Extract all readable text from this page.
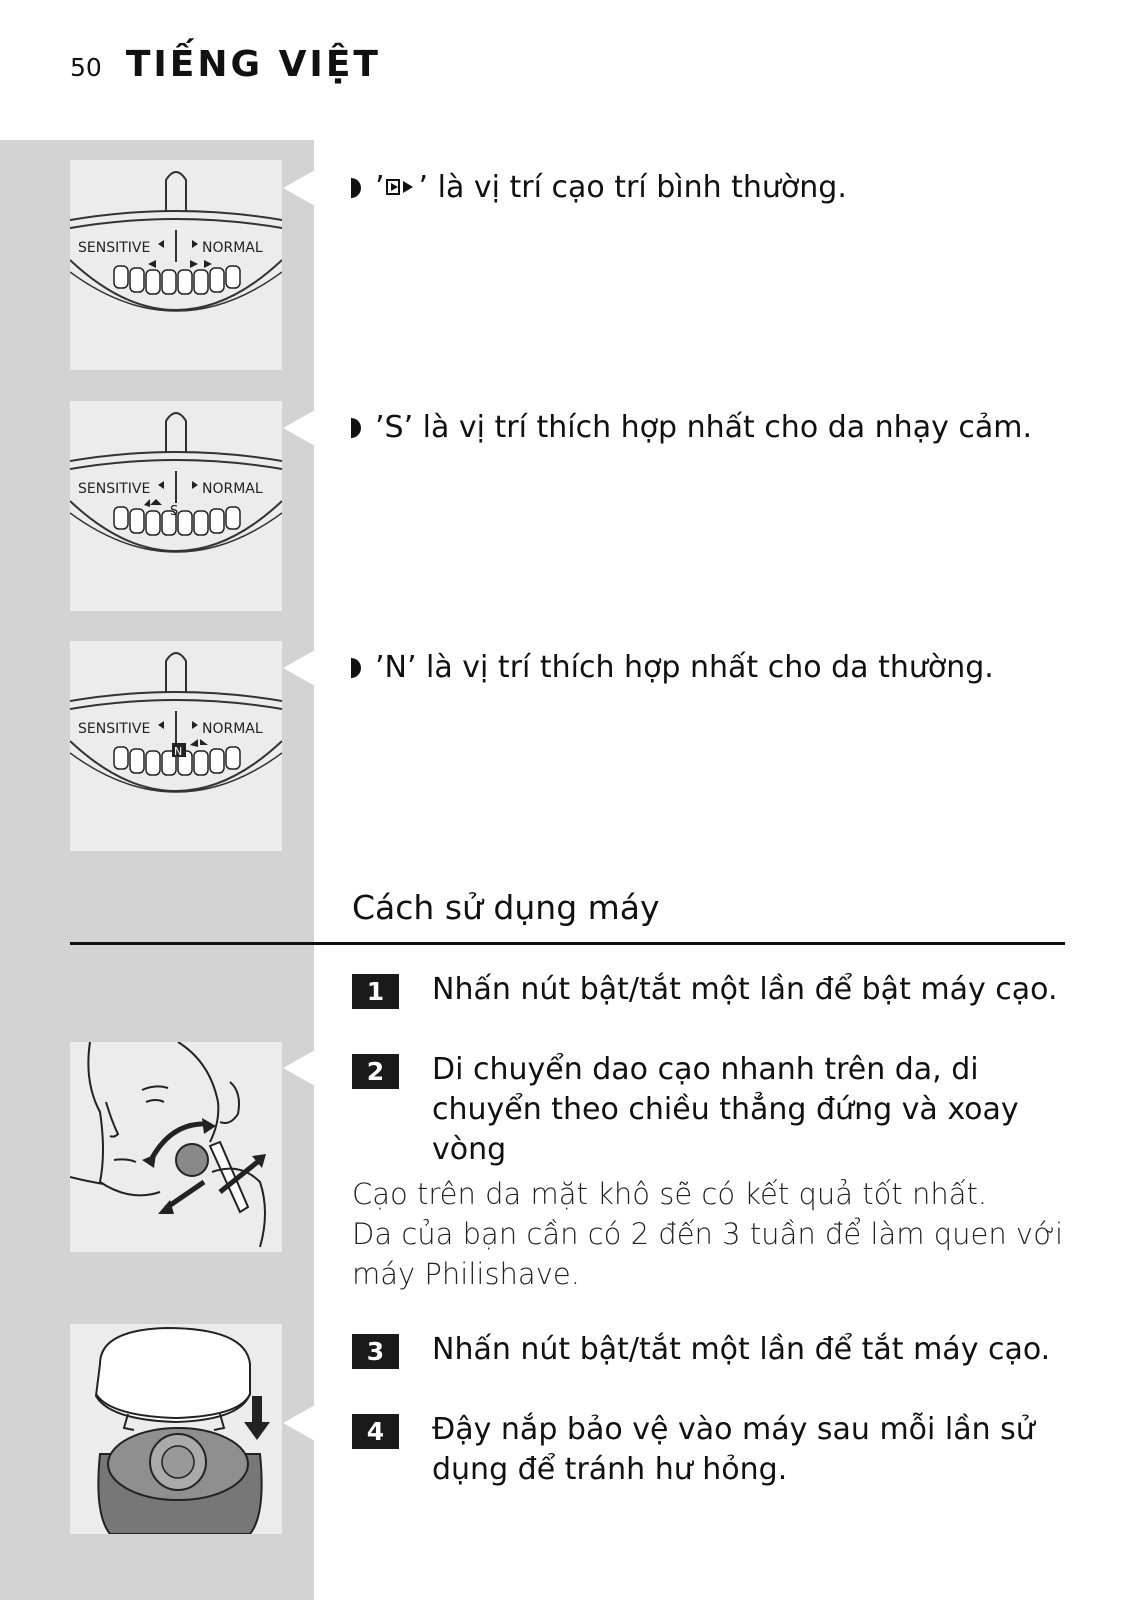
50 TIẾNG VIỆT
SENSITIVE	NORMAL
SENSITIVE	NORMAL
S
SENSITIVE	NORMAL
N
’ ’ là vị trí cạo trí bình thường.
’S’ là vị trí thích hợp nhất cho da nhạy cảm.
’N’ là vị trí thích hợp nhất cho da thường.
Cách sử dụng máy
1	Nhấn nút bật/tắt một lần để bật máy cạo.
2	Di chuyển dao cạo nhanh trên da, di chuyển theo chiều thẳng đứng và xoay vòng
Cạo trên da mặt khô sẽ có kết quả tốt nhất.
Da của bạn cần có 2 đến 3 tuần để làm quen với máy Philishave.
3	Nhấn nút bật/tắt một lần để tắt máy cạo.
4	Đậy nắp bảo vệ vào máy sau mỗi lần sử dụng để tránh hư hỏng.
